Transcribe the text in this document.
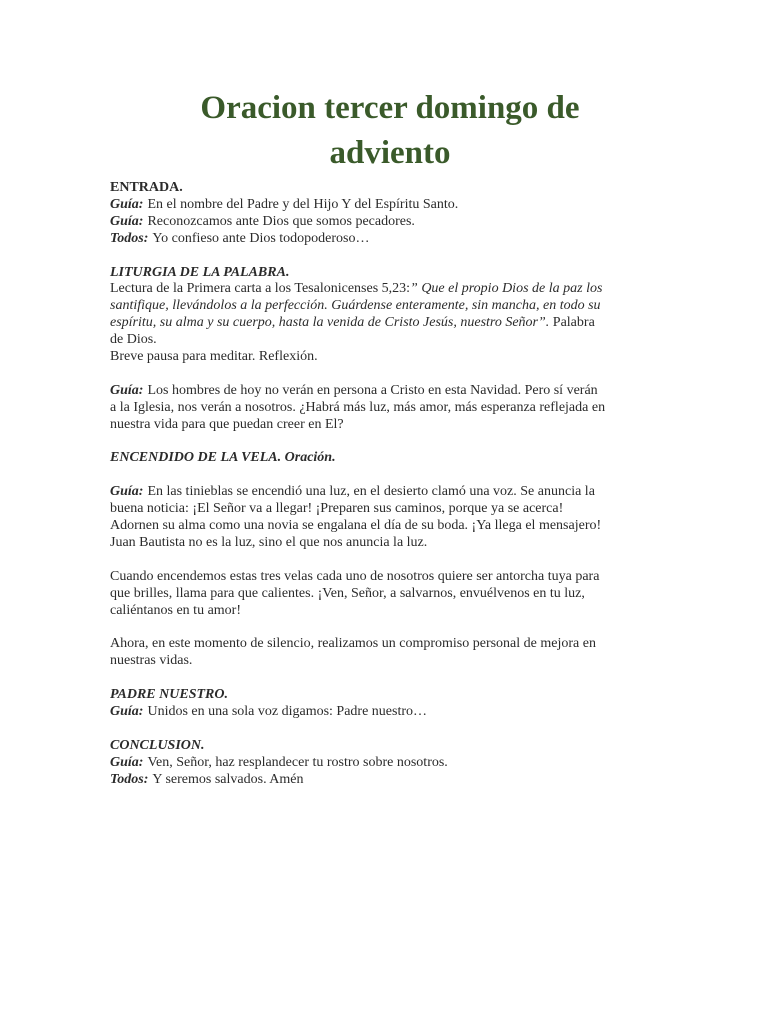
Oracion tercer domingo de
adviento
ENTRADA.
Guía: En el nombre del Padre y del Hijo Y del Espíritu Santo.
Guía: Reconozcamos ante Dios que somos pecadores.
Todos: Yo confieso ante Dios todopoderoso…
LITURGIA DE LA PALABRA.
Lectura de la Primera carta a los Tesalonicenses 5,23:” Que el propio Dios de la paz los
santifique, llevándolos a la perfección. Guárdense enteramente, sin mancha, en todo su
espíritu, su alma y su cuerpo, hasta la venida de Cristo Jesús, nuestro Señor”. Palabra
de Dios.
Breve pausa para meditar. Reflexión.
Guía: Los hombres de hoy no verán en persona a Cristo en esta Navidad. Pero sí verán
a la Iglesia, nos verán a nosotros. ¿Habrá más luz, más amor, más esperanza reflejada en
nuestra vida para que puedan creer en El?
ENCENDIDO DE LA VELA. Oración.
Guía: En las tinieblas se encendió una luz, en el desierto clamó una voz. Se anuncia la
buena noticia: ¡El Señor va a llegar! ¡Preparen sus caminos, porque ya se acerca!
Adornen su alma como una novia se engalana el día de su boda. ¡Ya llega el mensajero!
Juan Bautista no es la luz, sino el que nos anuncia la luz.
Cuando encendemos estas tres velas cada uno de nosotros quiere ser antorcha tuya para
que brilles, llama para que calientes. ¡Ven, Señor, a salvarnos, envuélvenos en tu luz,
caliéntanos en tu amor!
Ahora, en este momento de silencio, realizamos un compromiso personal de mejora en
nuestras vidas.
PADRE NUESTRO.
Guía: Unidos en una sola voz digamos: Padre nuestro…
CONCLUSION.
Guía: Ven, Señor, haz resplandecer tu rostro sobre nosotros.
Todos: Y seremos salvados. Amén
